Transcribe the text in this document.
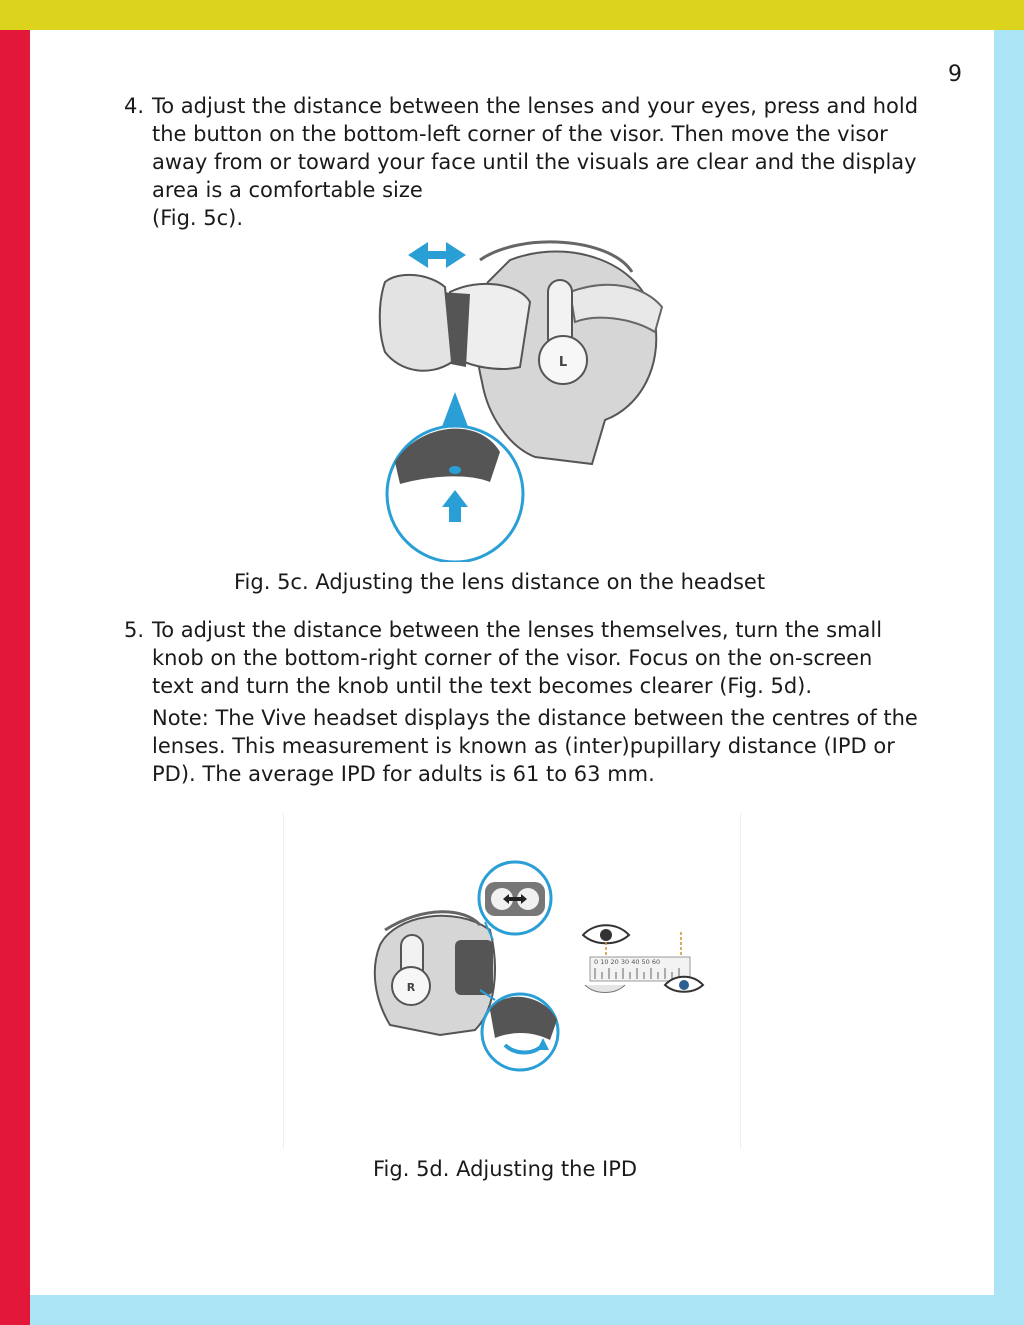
9
4. To adjust the distance between the lenses and your eyes, press and hold
the button on the bottom-left corner of the visor. Then move the visor
away from or toward your face until the visuals are clear and the display
area is a comfortable size
(Fig. 5c).
L
Fig. 5c. Adjusting the lens distance on the headset
5. To adjust the distance between the lenses themselves, turn the small
knob on the bottom-right corner of the visor. Focus on the on-screen
text and turn the knob until the text becomes clearer (Fig. 5d).
Note: The Vive headset displays the distance between the centres of the
lenses. This measurement is known as (inter)pupillary distance (IPD or
PD). The average IPD for adults is 61 to 63 mm.
R
0 10 20 30 40 50 60
Fig. 5d. Adjusting the IPD
